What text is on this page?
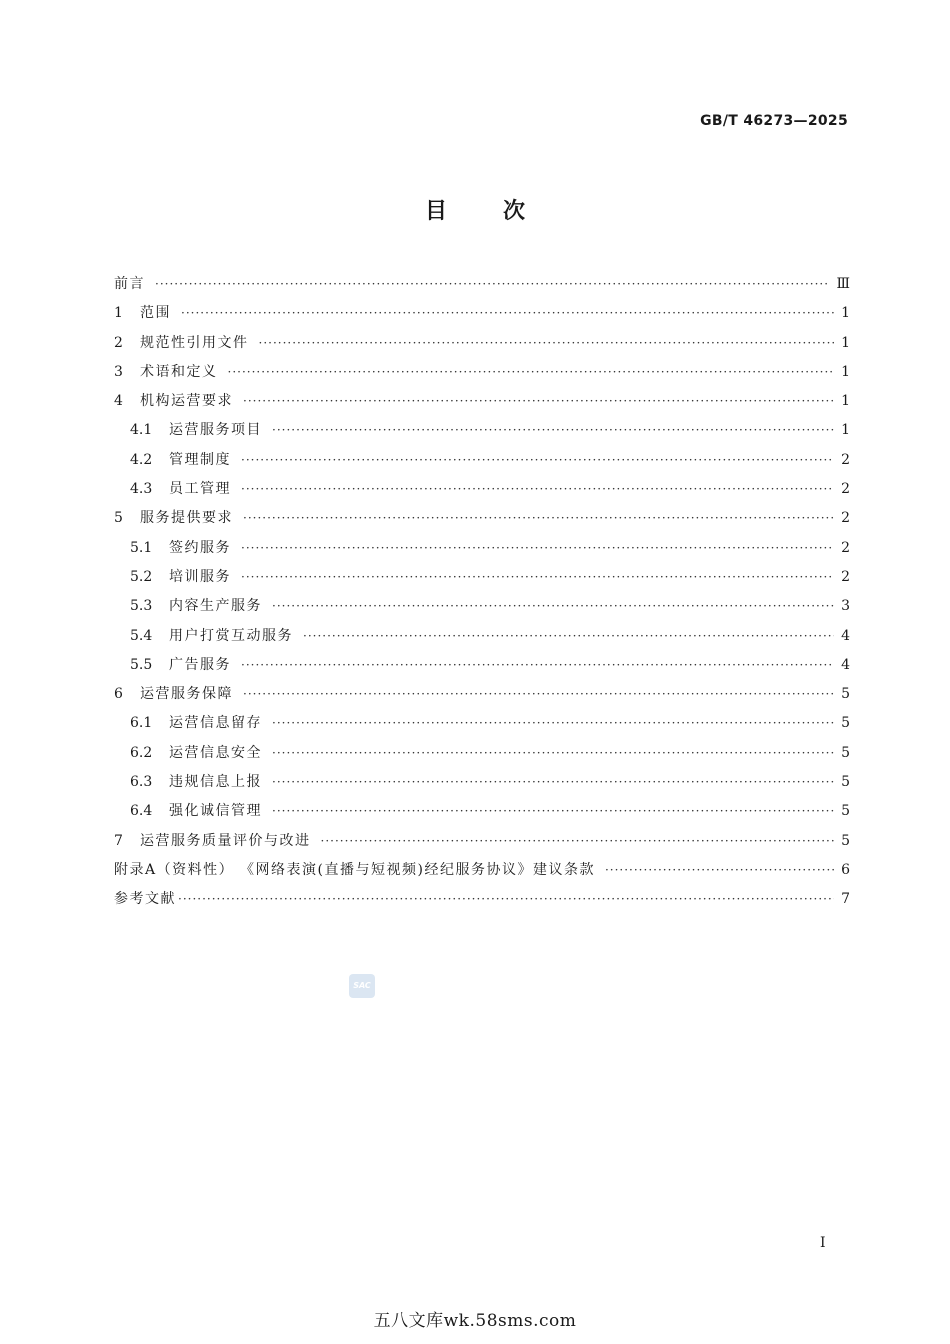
GB/T 46273—2025
目次
前言 ·····	Ⅲ
1	范围 ·····	1
2	规范性引用文件 ·····	1
3	术语和定义 ·····	1
4	机构运营要求 ·····	1
4.1	运营服务项目 ·····	1
4.2	管理制度 ·····	2
4.3	员工管理 ·····	2
5	服务提供要求 ·····	2
5.1	签约服务 ·····	2
5.2	培训服务 ·····	2
5.3	内容生产服务 ·····	3
5.4	用户打赏互动服务 ·····	4
5.5	广告服务 ·····	4
6	运营服务保障 ·····	5
6.1	运营信息留存 ·····	5
6.2	运营信息安全 ·····	5
6.3	违规信息上报 ·····	5
6.4	强化诚信管理 ·····	5
7	运营服务质量评价与改进 ·····	5
附录A（资料性） 《网络表演(直播与短视频)经纪服务协议》建议条款 ·····	6
参考文献 ·····	7
SAC
Ⅰ
五八文库wk.58sms.com
